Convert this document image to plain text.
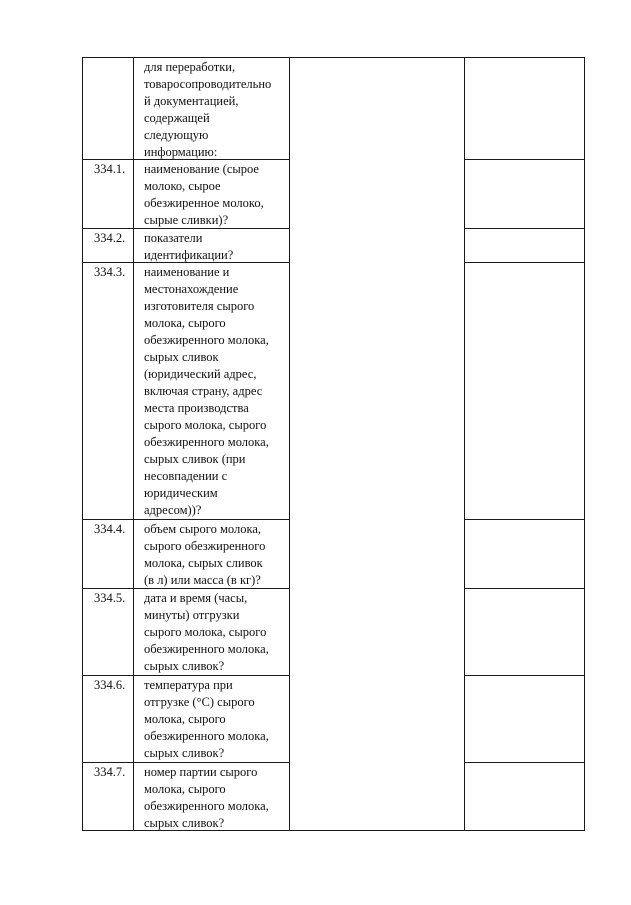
для переработки,
товаросопроводительно
й документацией,
содержащей
следующую
информацию:
334.1. наименование (сырое
молоко, сырое
обезжиренное молоко,
сырые сливки)?
334.2. показатели
идентификации?
334.3. наименование и
местонахождение
изготовителя сырого
молока, сырого
обезжиренного молока,
сырых сливок
(юридический адрес,
включая страну, адрес
места производства
сырого молока, сырого
обезжиренного молока,
сырых сливок (при
несовпадении с
юридическим
адресом))?
334.4. объем сырого молока,
сырого обезжиренного
молока, сырых сливок
(в л) или масса (в кг)?
334.5. дата и время (часы,
минуты) отгрузки
сырого молока, сырого
обезжиренного молока,
сырых сливок?
334.6. температура при
отгрузке (°С) сырого
молока, сырого
обезжиренного молока,
сырых сливок?
334.7. номер партии сырого
молока, сырого
обезжиренного молока,
сырых сливок?
